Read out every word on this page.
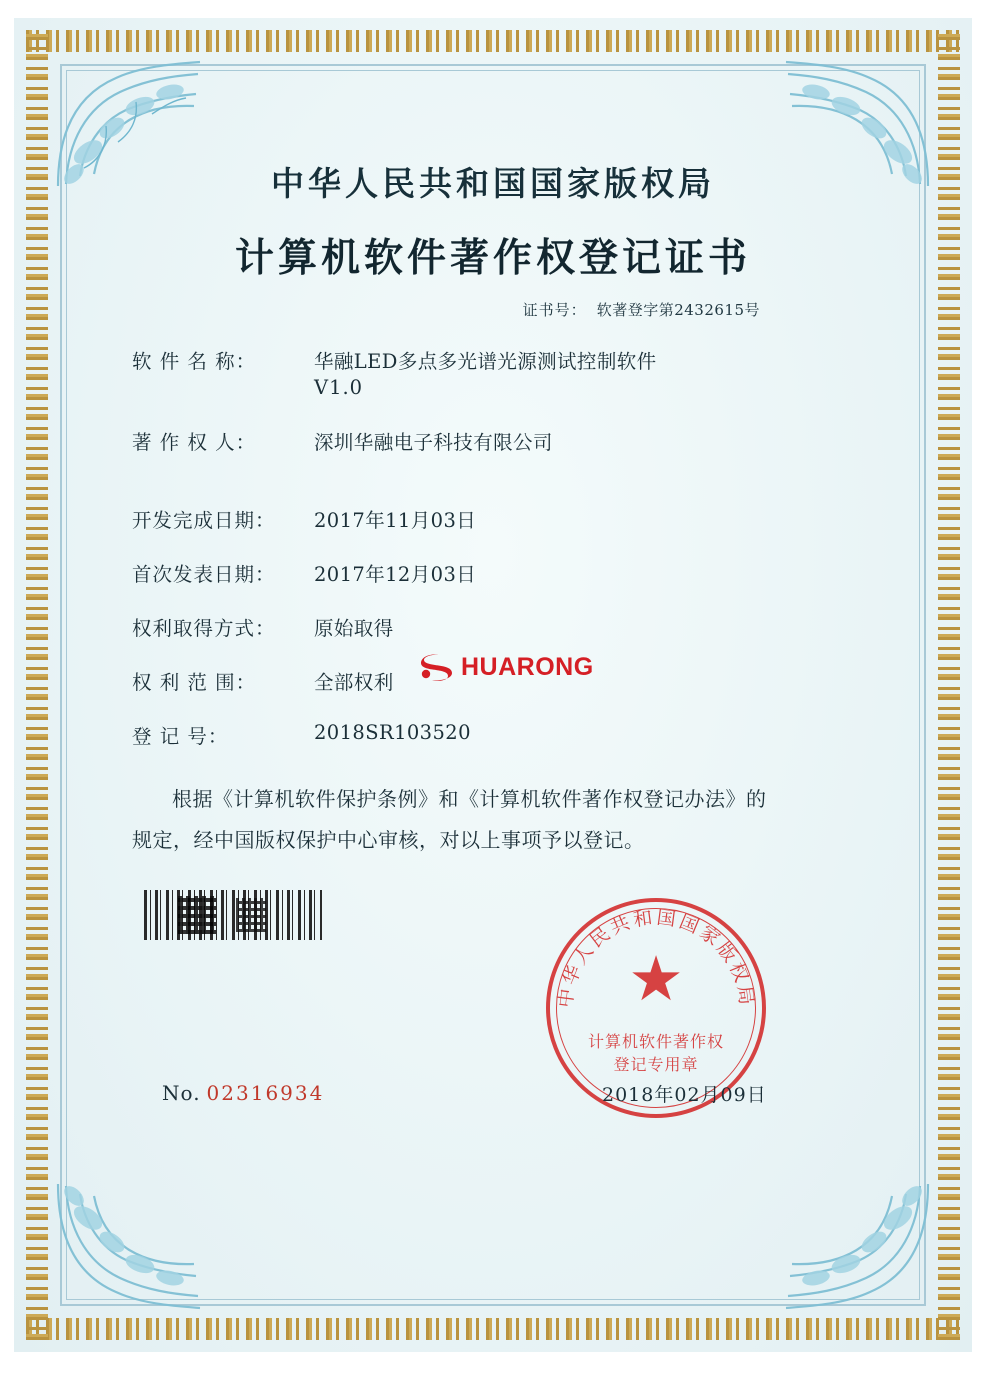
中华人民共和国国家版权局
计算机软件著作权登记证书
证书号： 软著登字第2432615号
软 件 名 称：	华融LED多点多光谱光源测试控制软件
V1.0
著 作 权 人：	深圳华融电子科技有限公司
开发完成日期：	2017年11月03日
首次发表日期：	2017年12月03日
权利取得方式：	原始取得
权 利 范 围：	全部权利
登 记 号：	2018SR103520
根据《计算机软件保护条例》和《计算机软件著作权登记办法》的
规定，经中国版权保护中心审核，对以上事项予以登记。
HUARONG
中华人民共和国国家版权局
★
计算机软件著作权
登记专用章
2018年02月09日
No. 02316934
